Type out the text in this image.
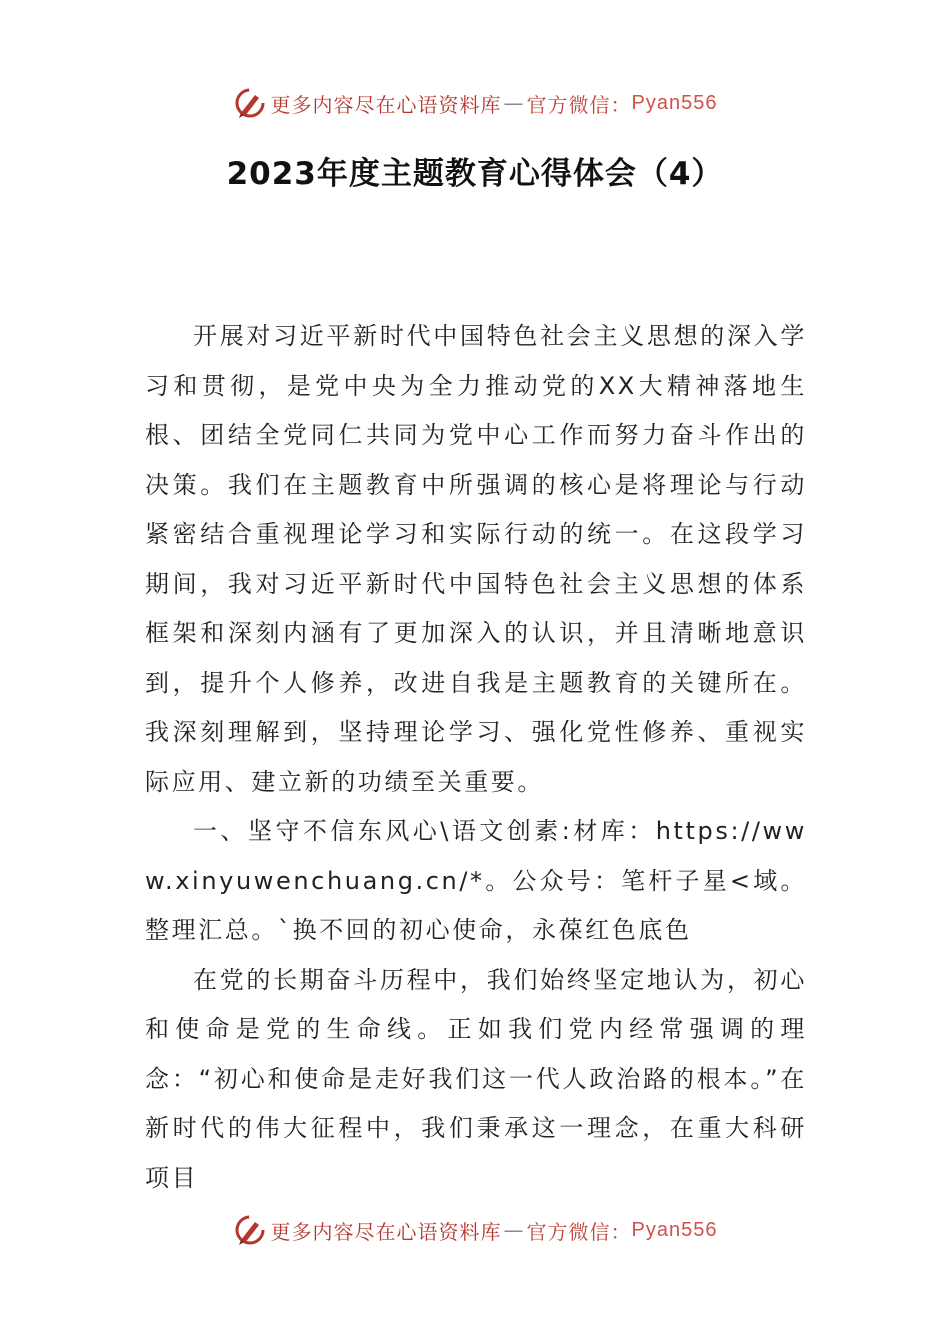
更多内容尽在心语资料库 — 官方微信： Pyan556
2023年度主题教育心得体会（4）

开展对习近平新时代中国特色社会主义思想的深入学习和贯彻，是党中央为全力推动党的XX大精神落地生根、团结全党同仁共同为党中心工作而努力奋斗作出的决策。我们在主题教育中所强调的核心是将理论与行动紧密结合重视理论学习和实际行动的统一。在这段学习期间，我对习近平新时代中国特色社会主义思想的体系框架和深刻内涵有了更加深入的认识，并且清晰地意识到，提升个人修养，改进自我是主题教育的关键所在。我深刻理解到，坚持理论学习、强化党性修养、重视实际应用、建立新的功绩至关重要。

一、坚守不信东风心\语文创素:材库：https://www.xinyuwenchuang.cn/*。公众号：笔杆子星<域。整理汇总。`换不回的初心使命，永葆红色底色

在党的长期奋斗历程中，我们始终坚定地认为，初心和使命是党的生命线。正如我们党内经常强调的理念：“初心和使命是走好我们这一代人政治路的根本。”在新时代的伟大征程中，我们秉承这一理念，在重大科研项目

更多内容尽在心语资料库 — 官方微信： Pyan556
